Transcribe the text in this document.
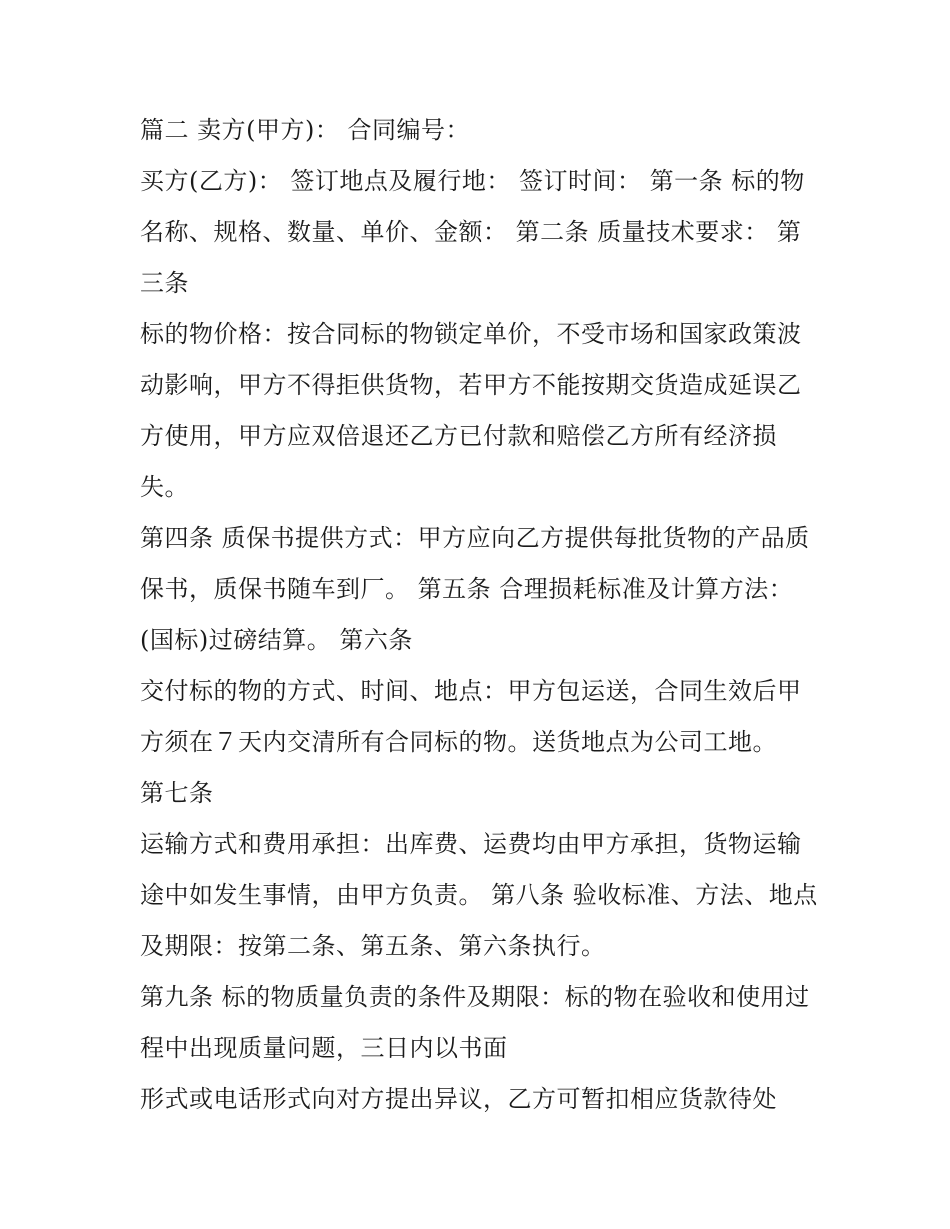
篇二 卖方(甲方)： 合同编号：

买方(乙方)： 签订地点及履行地： 签订时间： 第一条 标的物名称、规格、数量、单价、金额： 第二条 质量技术要求： 第三条

标的物价格：按合同标的物锁定单价，不受市场和国家政策波动影响，甲方不得拒供货物，若甲方不能按期交货造成延误乙方使用，甲方应双倍退还乙方已付款和赔偿乙方所有经济损失。

第四条 质保书提供方式：甲方应向乙方提供每批货物的产品质保书，质保书随车到厂。 第五条 合理损耗标准及计算方法：(国标)过磅结算。 第六条

交付标的物的方式、时间、地点：甲方包运送，合同生效后甲方须在７天内交清所有合同标的物。送货地点为公司工地。

第七条

运输方式和费用承担：出库费、运费均由甲方承担，货物运输途中如发生事情，由甲方负责。 第八条 验收标准、方法、地点及期限：按第二条、第五条、第六条执行。

第九条 标的物质量负责的条件及期限：标的物在验收和使用过程中出现质量问题，三日内以书面

形式或电话形式向对方提出异议，乙方可暂扣相应货款待处
